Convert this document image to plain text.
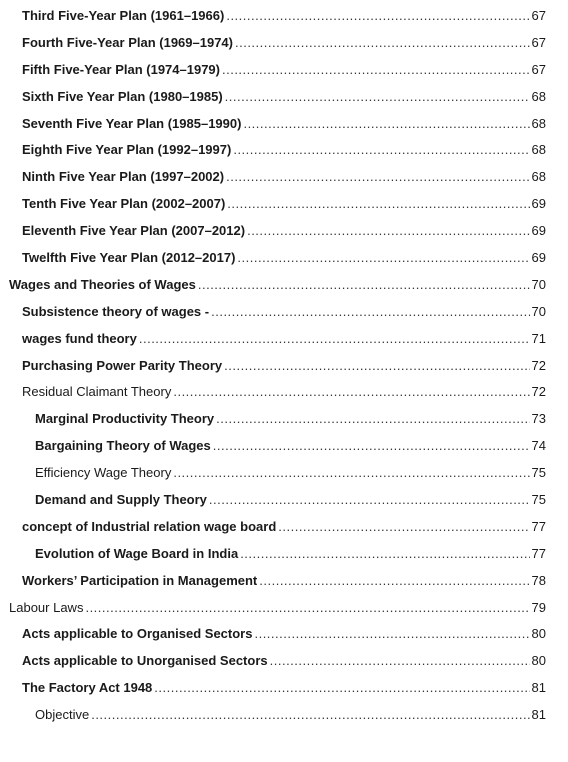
Third Five-Year Plan (1961–1966) .....	67
Fourth Five-Year Plan (1969–1974) .....	67
Fifth Five-Year Plan (1974–1979) .....	67
Sixth Five Year Plan (1980–1985) .....	68
Seventh Five Year Plan (1985–1990) .....	68
Eighth Five Year Plan (1992–1997) .....	68
Ninth Five Year Plan (1997–2002) .....	68
Tenth Five Year Plan (2002–2007) .....	69
Eleventh Five Year Plan (2007–2012) .....	69
Twelfth Five Year Plan (2012–2017) .....	69
Wages and Theories of Wages .....	70
Subsistence theory of wages - .....	70
wages fund theory .....	71
Purchasing Power Parity Theory .....	72
Residual Claimant Theory .....	72
Marginal Productivity Theory .....	73
Bargaining Theory of Wages .....	74
Efficiency Wage Theory .....	75
Demand and Supply Theory .....	75
concept of Industrial relation wage board .....	77
Evolution of Wage Board in India .....	77
Workers’ Participation in Management .....	78
Labour Laws .....	79
Acts applicable to Organised Sectors .....	80
Acts applicable to Unorganised Sectors .....	80
The Factory Act 1948 .....	81
Objective .....	81
